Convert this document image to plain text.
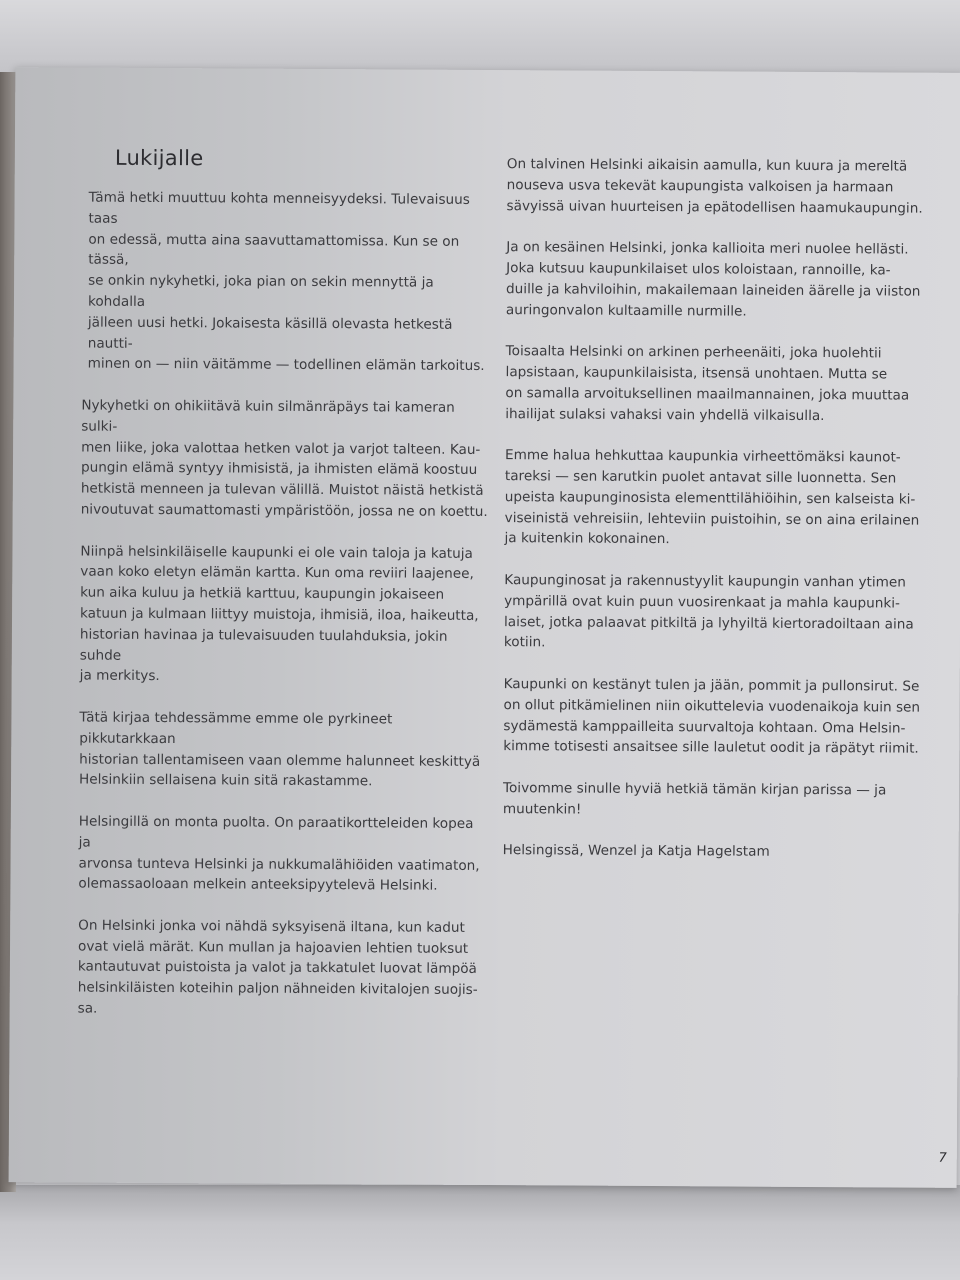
Lukijalle

Tämä hetki muuttuu kohta menneisyydeksi. Tulevaisuus taas
on edessä, mutta aina saavuttamattomissa. Kun se on tässä,
se onkin nykyhetki, joka pian on sekin mennyttä ja kohdalla
jälleen uusi hetki. Jokaisesta käsillä olevasta hetkestä nautti-
minen on — niin väitämme — todellinen elämän tarkoitus.

Nykyhetki on ohikiitävä kuin silmänräpäys tai kameran sulki-
men liike, joka valottaa hetken valot ja varjot talteen. Kau-
pungin elämä syntyy ihmisistä, ja ihmisten elämä koostuu
hetkistä menneen ja tulevan välillä. Muistot näistä hetkistä
nivoutuvat saumattomasti ympäristöön, jossa ne on koettu.

Niinpä helsinkiläiselle kaupunki ei ole vain taloja ja katuja
vaan koko eletyn elämän kartta. Kun oma reviiri laajenee,
kun aika kuluu ja hetkiä karttuu, kaupungin jokaiseen
katuun ja kulmaan liittyy muistoja, ihmisiä, iloa, haikeutta,
historian havinaa ja tulevaisuuden tuulahduksia, jokin suhde
ja merkitys.

Tätä kirjaa tehdessämme emme ole pyrkineet pikkutarkkaan
historian tallentamiseen vaan olemme halunneet keskittyä
Helsinkiin sellaisena kuin sitä rakastamme.

Helsingillä on monta puolta. On paraatikortteleiden kopea ja
arvonsa tunteva Helsinki ja nukkumalähiöiden vaatimaton,
olemassaoloaan melkein anteeksipyytelevä Helsinki.

On Helsinki jonka voi nähdä syksyisenä iltana, kun kadut
ovat vielä märät. Kun mullan ja hajoavien lehtien tuoksut
kantautuvat puistoista ja valot ja takkatulet luovat lämpöä
helsinkiläisten koteihin paljon nähneiden kivitalojen suojis-
sa.

On talvinen Helsinki aikaisin aamulla, kun kuura ja mereltä
nouseva usva tekevät kaupungista valkoisen ja harmaan
sävyissä uivan huurteisen ja epätodellisen haamukaupungin.

Ja on kesäinen Helsinki, jonka kallioita meri nuolee hellästi.
Joka kutsuu kaupunkilaiset ulos koloistaan, rannoille, ka-
duille ja kahviloihin, makailemaan laineiden äärelle ja viiston
auringonvalon kultaamille nurmille.

Toisaalta Helsinki on arkinen perheenäiti, joka huolehtii
lapsistaan, kaupunkilaisista, itsensä unohtaen. Mutta se
on samalla arvoituksellinen maailmannainen, joka muuttaa
ihailijat sulaksi vahaksi vain yhdellä vilkaisulla.

Emme halua hehkuttaa kaupunkia virheettömäksi kaunot-
tareksi — sen karutkin puolet antavat sille luonnetta. Sen
upeista kaupunginosista elementtilähiöihin, sen kalseista ki-
viseinistä vehreisiin, lehteviin puistoihin, se on aina erilainen
ja kuitenkin kokonainen.

Kaupunginosat ja rakennustyylit kaupungin vanhan ytimen
ympärillä ovat kuin puun vuosirenkaat ja mahla kaupunki-
laiset, jotka palaavat pitkiltä ja lyhyiltä kiertoradoiltaan aina
kotiin.

Kaupunki on kestänyt tulen ja jään, pommit ja pullonsirut. Se
on ollut pitkämielinen niin oikuttelevia vuodenaikoja kuin sen
sydämestä kamppailleita suurvaltoja kohtaan. Oma Helsin-
kimme totisesti ansaitsee sille lauletut oodit ja räpätyt riimit.

Toivomme sinulle hyviä hetkiä tämän kirjan parissa — ja
muutenkin!

Helsingissä, Wenzel ja Katja Hagelstam

7
